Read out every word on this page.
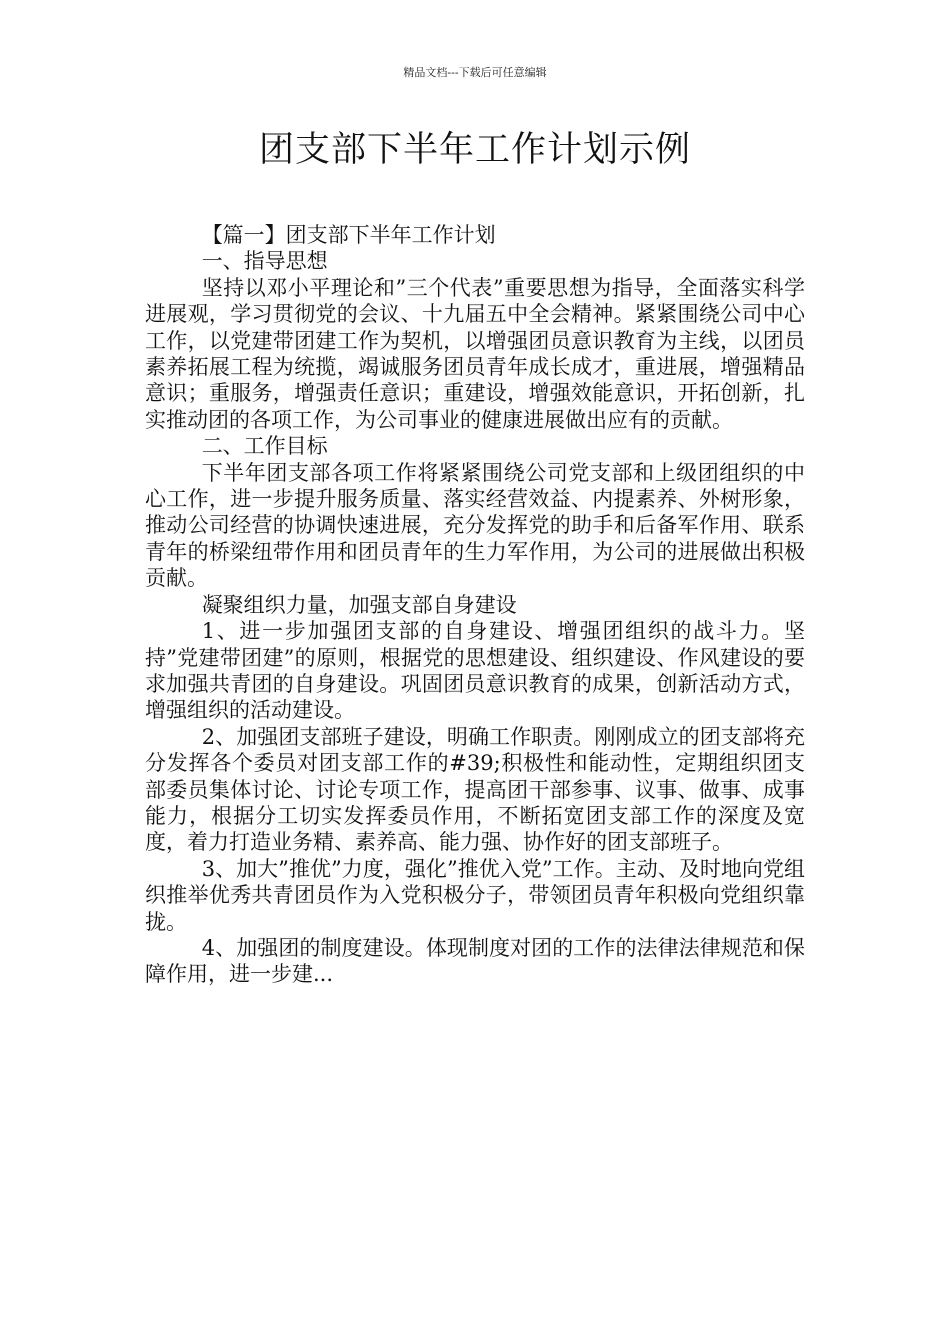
精品文档---下载后可任意编辑
团支部下半年工作计划示例

【篇一】团支部下半年工作计划

一、指导思想

坚持以邓小平理论和”三个代表”重要思想为指导，全面落实科学进展观，学习贯彻党的会议、十九届五中全会精神。紧紧围绕公司中心工作，以党建带团建工作为契机，以增强团员意识教育为主线，以团员素养拓展工程为统揽，竭诚服务团员青年成长成才，重进展，增强精品意识；重服务，增强责任意识；重建设，增强效能意识，开拓创新，扎实推动团的各项工作，为公司事业的健康进展做出应有的贡献。

二、工作目标

下半年团支部各项工作将紧紧围绕公司党支部和上级团组织的中心工作，进一步提升服务质量、落实经营效益、内提素养、外树形象，推动公司经营的协调快速进展，充分发挥党的助手和后备军作用、联系青年的桥梁纽带作用和团员青年的生力军作用，为公司的进展做出积极贡献。

凝聚组织力量，加强支部自身建设

1、进一步加强团支部的自身建设、增强团组织的战斗力。坚持”党建带团建”的原则，根据党的思想建设、组织建设、作风建设的要求加强共青团的自身建设。巩固团员意识教育的成果，创新活动方式，增强组织的活动建设。

2、加强团支部班子建设，明确工作职责。刚刚成立的团支部将充分发挥各个委员对团支部工作的#39;积极性和能动性，定期组织团支部委员集体讨论、讨论专项工作，提高团干部参事、议事、做事、成事能力，根据分工切实发挥委员作用，不断拓宽团支部工作的深度及宽度，着力打造业务精、素养高、能力强、协作好的团支部班子。

3、加大”推优”力度，强化”推优入党”工作。主动、及时地向党组织推举优秀共青团员作为入党积极分子，带领团员青年积极向党组织靠拢。

4、加强团的制度建设。体现制度对团的工作的法律法律规范和保障作用，进一步建...
